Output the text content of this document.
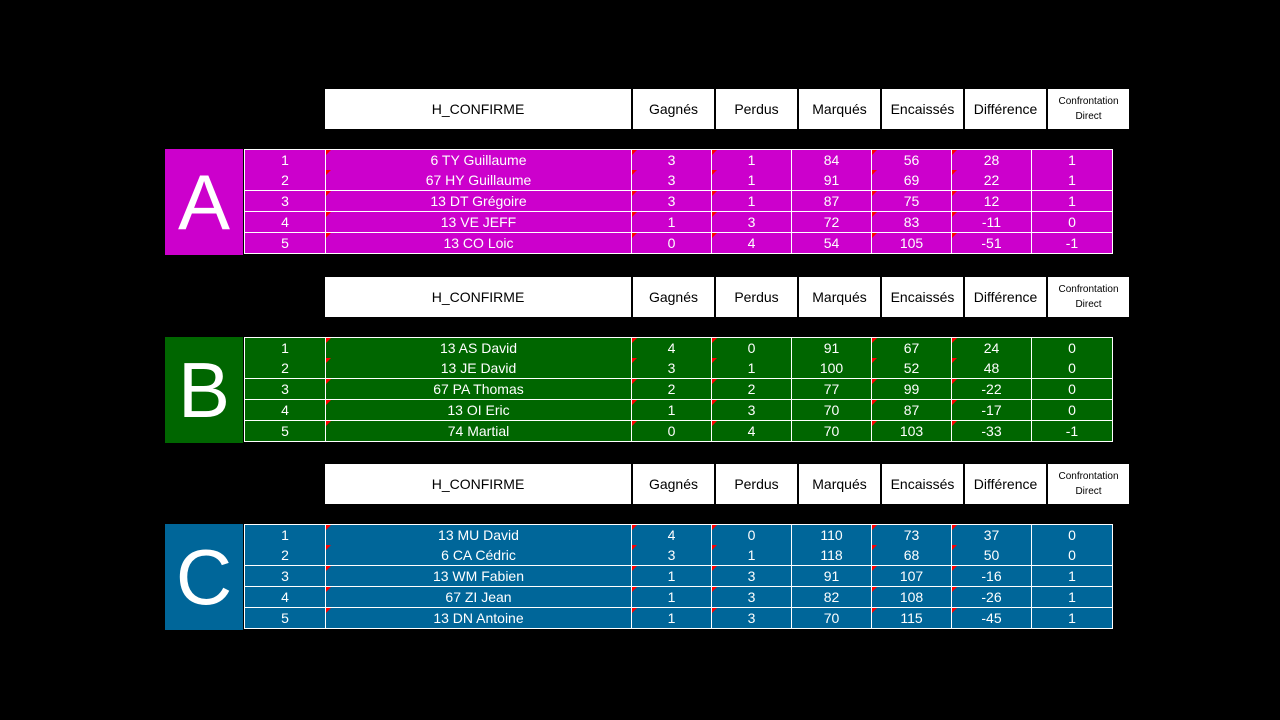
H_CONFIRME	Gagnés	Perdus	Marqués	Encaissés	Différence	Confrontation
Direct
A	1	6 TY Guillaume	3	1	84	56	28	1
2	67 HY Guillaume	3	1	91	69	22	1
3	13 DT Grégoire	3	1	87	75	12	1
4	13 VE JEFF	1	3	72	83	-11	0
5	13 CO Loic	0	4	54	105	-51	-1
H_CONFIRME	Gagnés	Perdus	Marqués	Encaissés	Différence	Confrontation
Direct
B	1	13 AS David	4	0	91	67	24	0
2	13 JE David	3	1	100	52	48	0
3	67 PA Thomas	2	2	77	99	-22	0
4	13 OI Eric	1	3	70	87	-17	0
5	74 Martial	0	4	70	103	-33	-1
H_CONFIRME	Gagnés	Perdus	Marqués	Encaissés	Différence	Confrontation
Direct
C	1	13 MU David	4	0	110	73	37	0
2	6 CA Cédric	3	1	118	68	50	0
3	13 WM Fabien	1	3	91	107	-16	1
4	67 ZI Jean	1	3	82	108	-26	1
5	13 DN Antoine	1	3	70	115	-45	1
